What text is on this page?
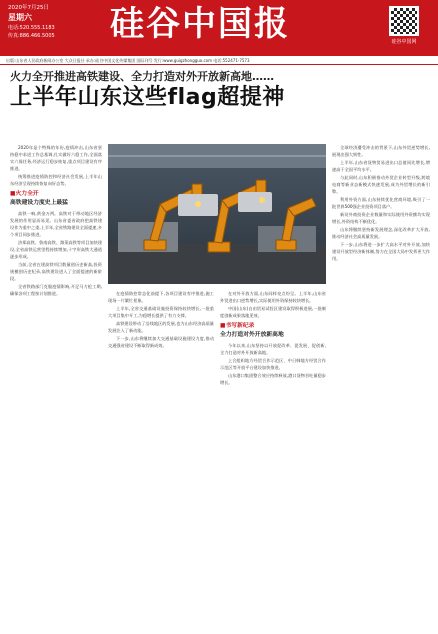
2020年7月25日
星期六
电话:520.555.1183
传真:886.466.5005	硅谷中国报	硅谷中国网
出版:山东省人民政府新闻办公室 大众日报社 承办:硅谷中国文化传媒集团 国际刊号 发行:www.guigzhongguo.com 电话:552471-7573
火力全开推进高铁建设、全力打造对外开放新高地……
上半年山东这些flag超提神

2020年是个特殊的年份,疫情冲击,山东省坚持稳中求进工作总基调,扎实做好六稳工作,全面落实六保任务,经济运行稳步恢复,重点项目建设有序推进。

统筹推进疫情防控和经济社会发展,上半年山东经济呈现持续恢复向好态势。

■火力全开
高铁建设力度史上最猛

高铁一响,黄金万两。高铁对于带动地区经济发展的作用显而易见。山东省委省政府把高铁建设作为重中之重,上半年,全省铁路建设全面提速,多个项目同步推进。

济郑高铁、鲁南高铁、潍莱高铁等项目加快建设,全省高铁运营里程持续增加,十字形高铁大通道逐步形成。

当前,全省在建高铁项目数量创历史新高,投资规模创历史纪录,高铁建设进入了全面提速的新阶段。

全省铁路部门克服疫情影响,开足马力抢工期,确保各项工程按计划推进。	在疫情防控常态化前提下,各项目建设有序推进,施工现场一片繁忙景象。

上半年,全省交通基础设施投资保持较快增长,一批重大项目集中开工,为稳增长提供了有力支撑。

高铁建设带动了沿线地区的发展,也为山东经济高质量发展注入了新动能。

下一步,山东将继续加大交通基础设施建设力度,推动交通强省建设不断取得新成效。

在对外开放方面,山东同样亮点纷呈。上半年,山东省外贸进出口逆势增长,实际使用外资保持较快增长。

中国(山东)自由贸易试验区建设取得积极进展,一批制度创新成果落地见效。

■书写新纪录
全力打造对外开放新高地

今年以来,山东坚持以开放促改革、促发展、促创新,全力打造对外开放新高地。

上合组织地方经贸合作示范区、中日韩地方经贸合作示范区等开放平台建设加快推进。

山东港口集团整合效应持续释放,港口货物吞吐量稳步增长。

全球经济遭受冲击的背景下,山东外贸逆势增长,展现出强大韧性。

上半年,山东省货物贸易进出口总值同比增长,增速高于全国平均水平。

与此同时,山东积极推动外贸企业转型升级,跨境电商等新业态新模式快速发展,成为外贸增长的新引擎。

利用外资方面,山东持续优化营商环境,吸引了一批世界500强企业投资项目落户。

新设外商投资企业数量和实际使用外资额均实现增长,外资结构不断优化。

山东将继续坚持新发展理念,深化改革扩大开放,推动经济社会高质量发展。

下一步,山东将进一步扩大高水平对外开放,加快建设开放型经济新体制,努力在全国大局中发挥更大作用。
